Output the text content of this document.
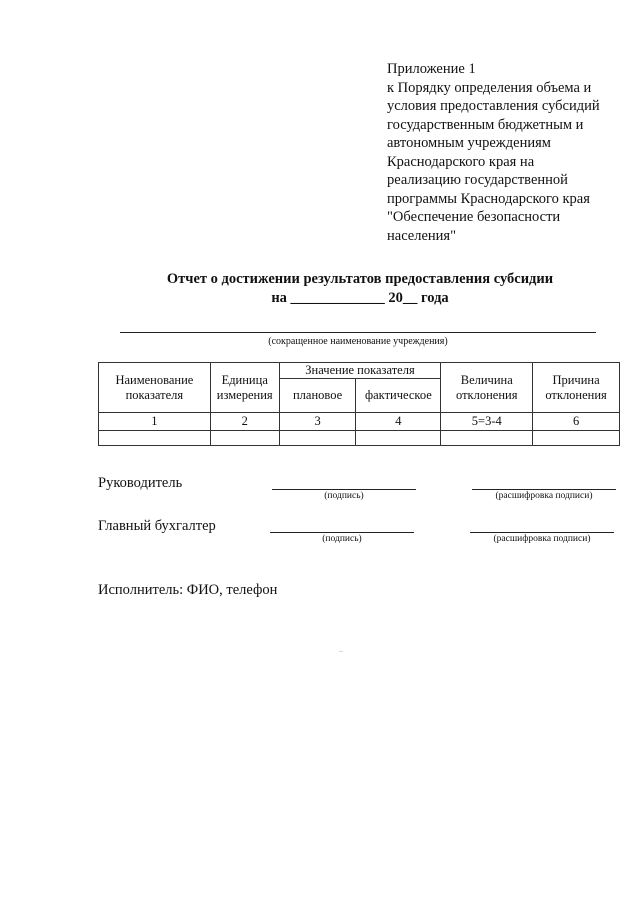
Приложение 1
к Порядку определения объема и
условия предоставления субсидий
государственным бюджетным и
автономным учреждениям
Краснодарского края на
реализацию государственной
программы Краснодарского края
"Обеспечение безопасности
населения"
Отчет о достижении результатов предоставления субсидии
на _____________ 20__ года
(сокращенное наименование учреждения)
Наименование показателя	Единица измерения	Значение показателя		Величина отклонения	Причина отклонения
		плановое	фактическое		
1	2	3	4	5=3-4	6

Руководитель
(подпись)	(расшифровка подписи)
Главный бухгалтер
(подпись)	(расшифровка подписи)
Исполнитель: ФИО, телефон
